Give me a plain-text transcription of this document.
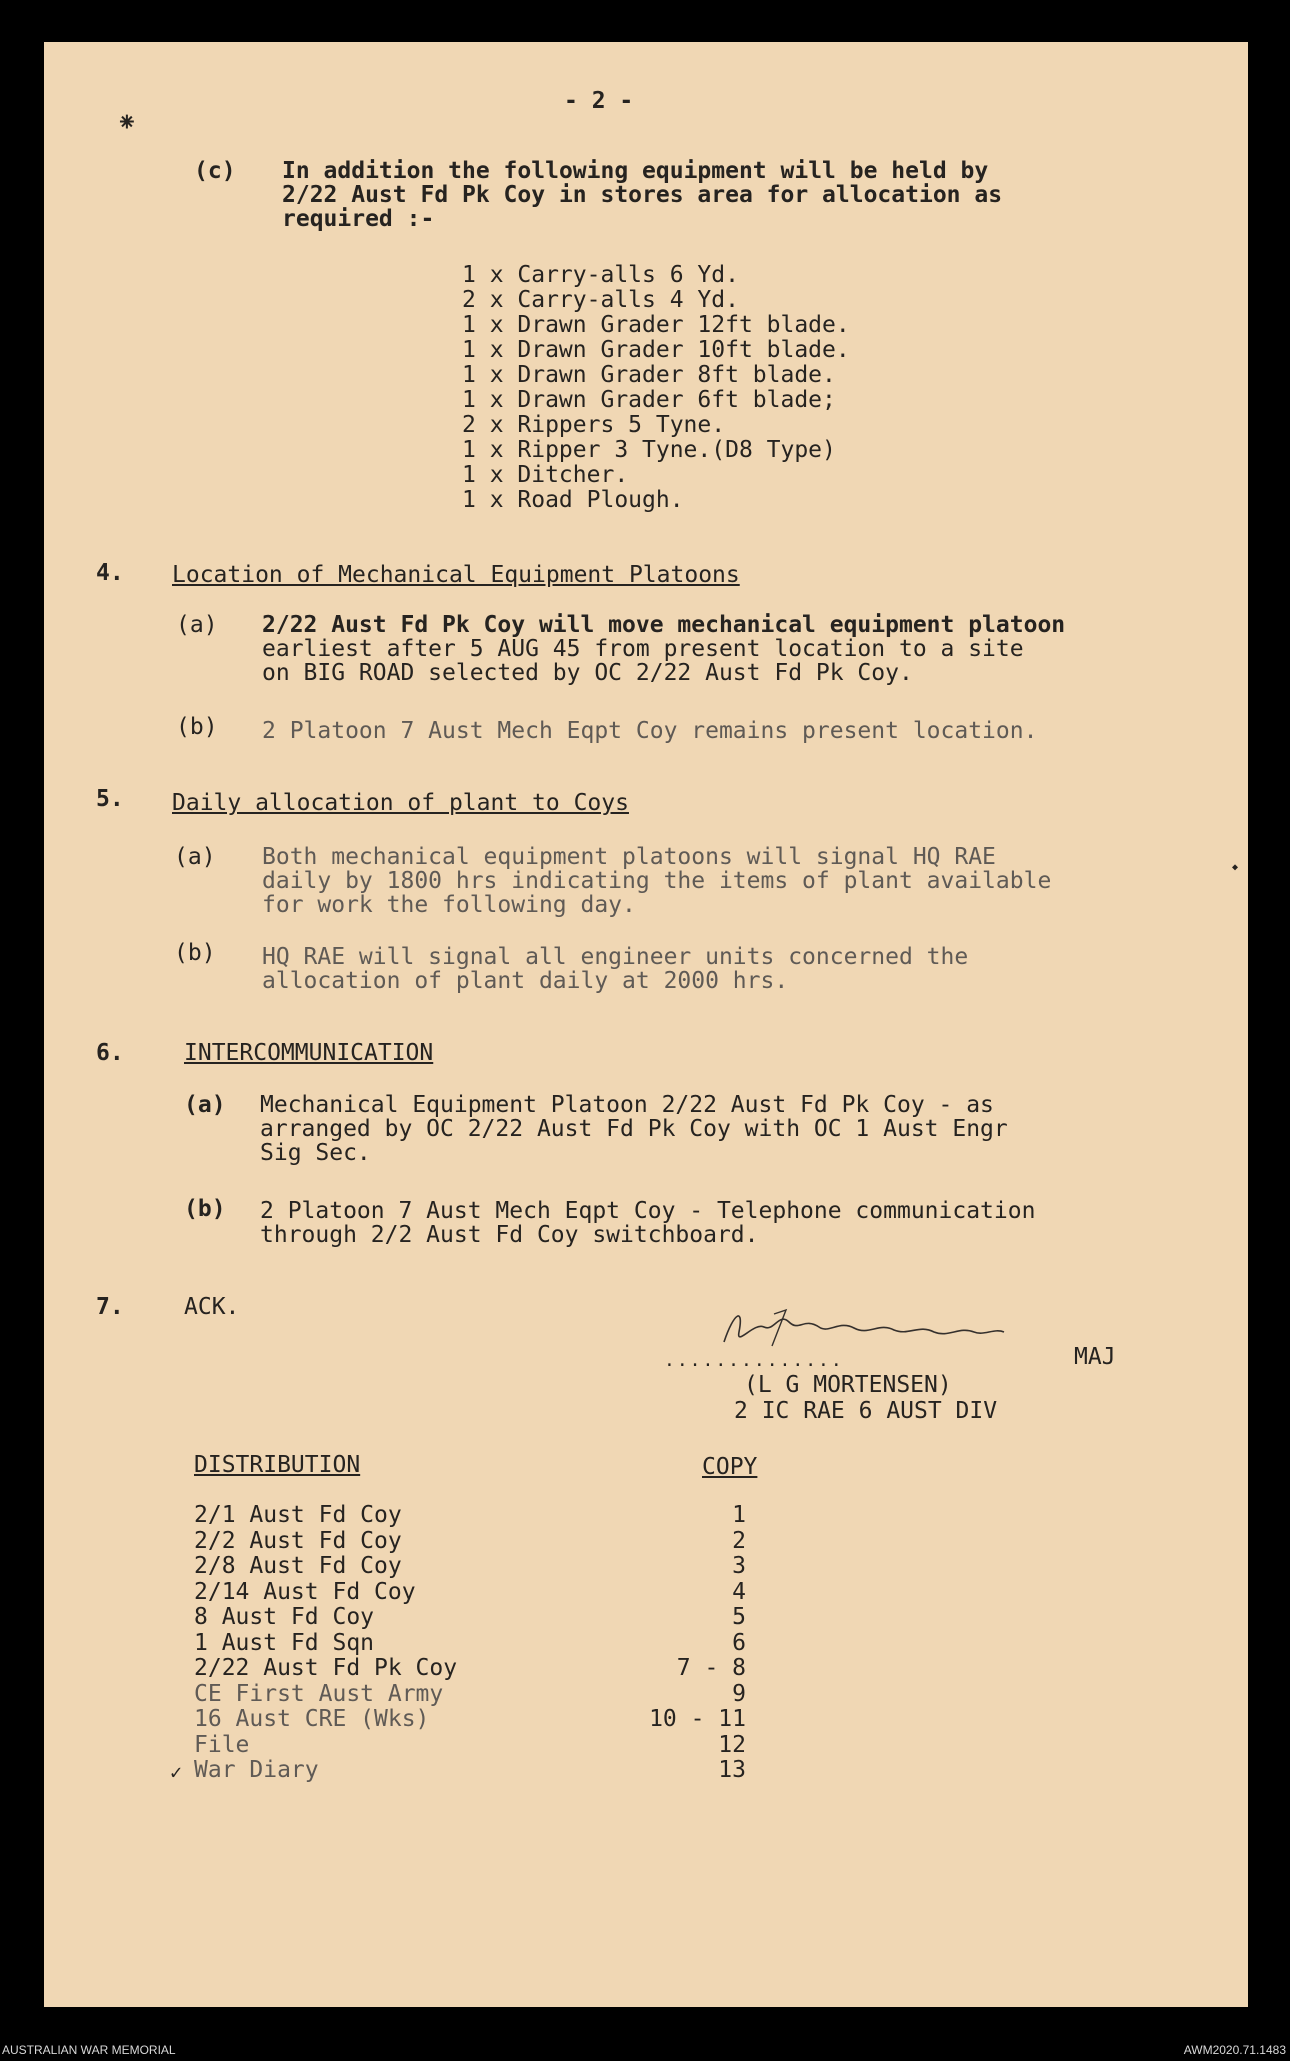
- 2 -
⁕
(c) In addition the following equipment will be held by
2/22 Aust Fd Pk Coy in stores area for allocation as
required :-
1 x Carry-alls 6 Yd.
2 x Carry-alls 4 Yd.
1 x Drawn Grader 12ft blade.
1 x Drawn Grader 10ft blade.
1 x Drawn Grader 8ft blade.
1 x Drawn Grader 6ft blade;
2 x Rippers 5 Tyne.
1 x Ripper 3 Tyne.(D8 Type)
1 x Ditcher.
1 x Road Plough.
4. Location of Mechanical Equipment Platoons
(a) 2/22 Aust Fd Pk Coy will move mechanical equipment platoon
earliest after 5 AUG 45 from present location to a site
on BIG ROAD selected by OC 2/22 Aust Fd Pk Coy.
(b) 2 Platoon 7 Aust Mech Eqpt Coy remains present location.
5. Daily allocation of plant to Coys
(a) Both mechanical equipment platoons will signal HQ RAE
daily by 1800 hrs indicating the items of plant available
for work the following day.
(b) HQ RAE will signal all engineer units concerned the
allocation of plant daily at 2000 hrs.
6.	INTERCOMMUNICATION
(a) Mechanical Equipment Platoon 2/22 Aust Fd Pk Coy - as
arranged by OC 2/22 Aust Fd Pk Coy with OC 1 Aust Engr
Sig Sec.
(b) 2 Platoon 7 Aust Mech Eqpt Coy - Telephone communication
through 2/2 Aust Fd Coy switchboard.
7.	ACK.
..............	MAJ
(L G MORTENSEN)
2 IC RAE 6 AUST DIV
DISTRIBUTION	COPY
2/1 Aust Fd Coy	1
2/2 Aust Fd Coy	2
2/8 Aust Fd Coy	3
2/14 Aust Fd Coy	4
8 Aust Fd Coy	5
1 Aust Fd Sqn	6
2/22 Aust Fd Pk Coy	7 - 8
CE First Aust Army	9
16 Aust CRE (Wks)	10 - 11
File	12
War Diary	13
✓
◆
AUSTRALIAN WAR MEMORIAL	AWM2020.71.1483
